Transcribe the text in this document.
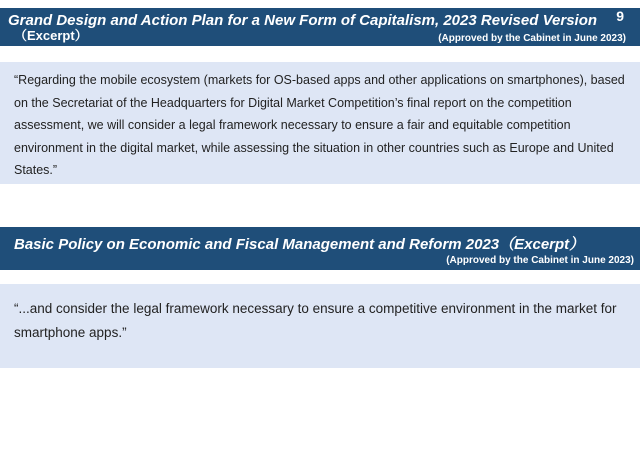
Grand Design and Action Plan for a New Form of Capitalism, 2023 Revised Version
（Excerpt）	(Approved by the Cabinet in June 2023)
9
“Regarding the mobile ecosystem (markets for OS-based apps and other applications on smartphones), based on the Secretariat of the Headquarters for Digital Market Competition’s final report on the competition assessment, we will consider a legal framework necessary to ensure a fair and equitable competition environment in the digital market, while assessing the situation in other countries such as Europe and United States.”
Basic Policy on Economic and Fiscal Management and Reform 2023（Excerpt）
(Approved by the Cabinet in June 2023)
“...and consider the legal framework necessary to ensure a competitive environment in the market for smartphone apps.”
